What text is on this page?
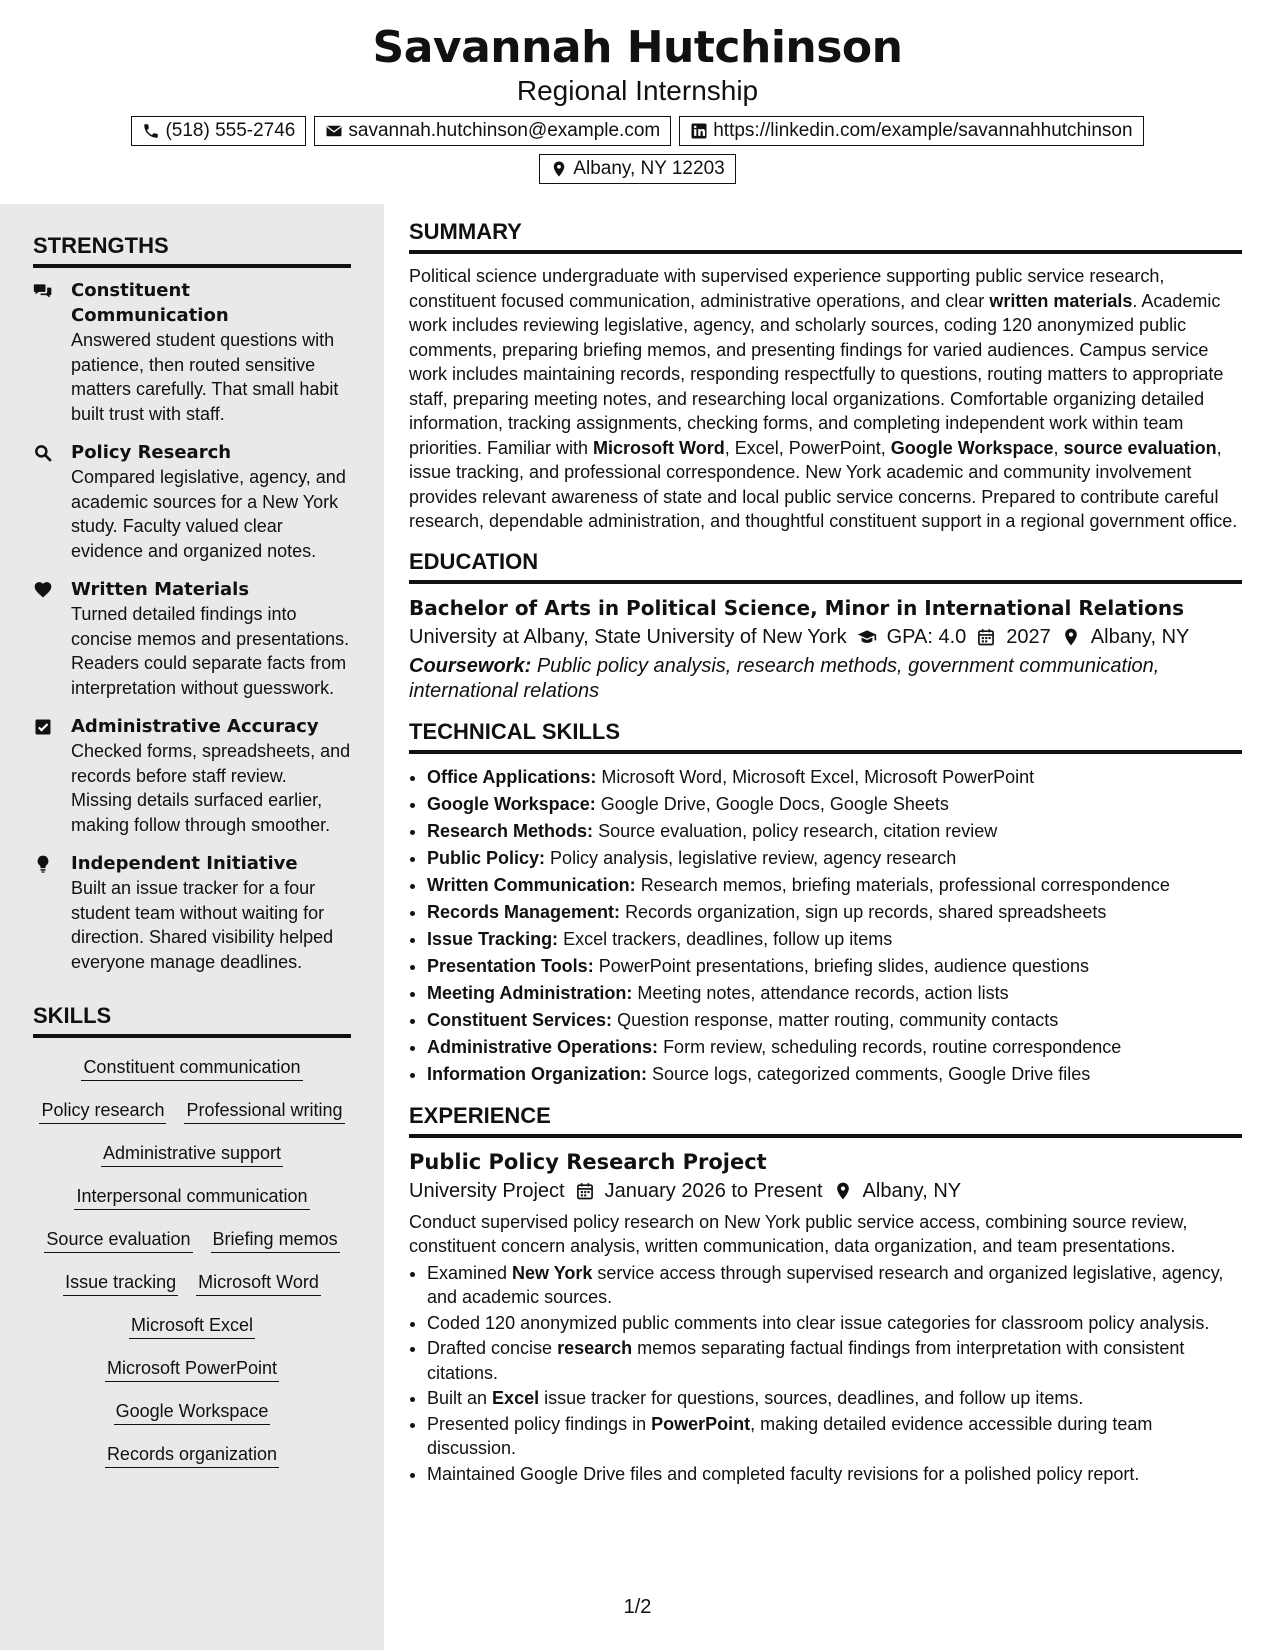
Savannah Hutchinson
Regional Internship
(518) 555-2746	savannah.hutchinson@example.com	https://linkedin.com/example/savannahhutchinson
Albany, NY 12203
STRENGTHS
Constituent Communication
Answered student questions with patience, then routed sensitive matters carefully. That small habit built trust with staff.
Policy Research
Compared legislative, agency, and academic sources for a New York study. Faculty valued clear evidence and organized notes.
Written Materials
Turned detailed findings into concise memos and presentations. Readers could separate facts from interpretation without guesswork.
Administrative Accuracy
Checked forms, spreadsheets, and records before staff review. Missing details surfaced earlier, making follow through smoother.
Independent Initiative
Built an issue tracker for a four student team without waiting for direction. Shared visibility helped everyone manage deadlines.
SKILLS
Constituent communication
Policy research Professional writing
Administrative support
Interpersonal communication
Source evaluation Briefing memos
Issue tracking Microsoft Word
Microsoft Excel
Microsoft PowerPoint
Google Workspace
Records organization
SUMMARY
Political science undergraduate with supervised experience supporting public service research, constituent focused communication, administrative operations, and clear written materials. Academic work includes reviewing legislative, agency, and scholarly sources, coding 120 anonymized public comments, preparing briefing memos, and presenting findings for varied audiences. Campus service work includes maintaining records, responding respectfully to questions, routing matters to appropriate staff, preparing meeting notes, and researching local organizations. Comfortable organizing detailed information, tracking assignments, checking forms, and completing independent work within team priorities. Familiar with Microsoft Word, Excel, PowerPoint, Google Workspace, source evaluation, issue tracking, and professional correspondence. New York academic and community involvement provides relevant awareness of state and local public service concerns. Prepared to contribute careful research, dependable administration, and thoughtful constituent support in a regional government office.
EDUCATION
Bachelor of Arts in Political Science, Minor in International Relations
University at Albany, State University of New York GPA: 4.0 2027 Albany, NY
Coursework: Public policy analysis, research methods, government communication, international relations
TECHNICAL SKILLS
• Office Applications: Microsoft Word, Microsoft Excel, Microsoft PowerPoint
• Google Workspace: Google Drive, Google Docs, Google Sheets
• Research Methods: Source evaluation, policy research, citation review
• Public Policy: Policy analysis, legislative review, agency research
• Written Communication: Research memos, briefing materials, professional correspondence
• Records Management: Records organization, sign up records, shared spreadsheets
• Issue Tracking: Excel trackers, deadlines, follow up items
• Presentation Tools: PowerPoint presentations, briefing slides, audience questions
• Meeting Administration: Meeting notes, attendance records, action lists
• Constituent Services: Question response, matter routing, community contacts
• Administrative Operations: Form review, scheduling records, routine correspondence
• Information Organization: Source logs, categorized comments, Google Drive files
EXPERIENCE
Public Policy Research Project
University Project January 2026 to Present Albany, NY
Conduct supervised policy research on New York public service access, combining source review, constituent concern analysis, written communication, data organization, and team presentations.
• Examined New York service access through supervised research and organized legislative, agency, and academic sources.
• Coded 120 anonymized public comments into clear issue categories for classroom policy analysis.
• Drafted concise research memos separating factual findings from interpretation with consistent citations.
• Built an Excel issue tracker for questions, sources, deadlines, and follow up items.
• Presented policy findings in PowerPoint, making detailed evidence accessible during team discussion.
• Maintained Google Drive files and completed faculty revisions for a polished policy report.
1/2
